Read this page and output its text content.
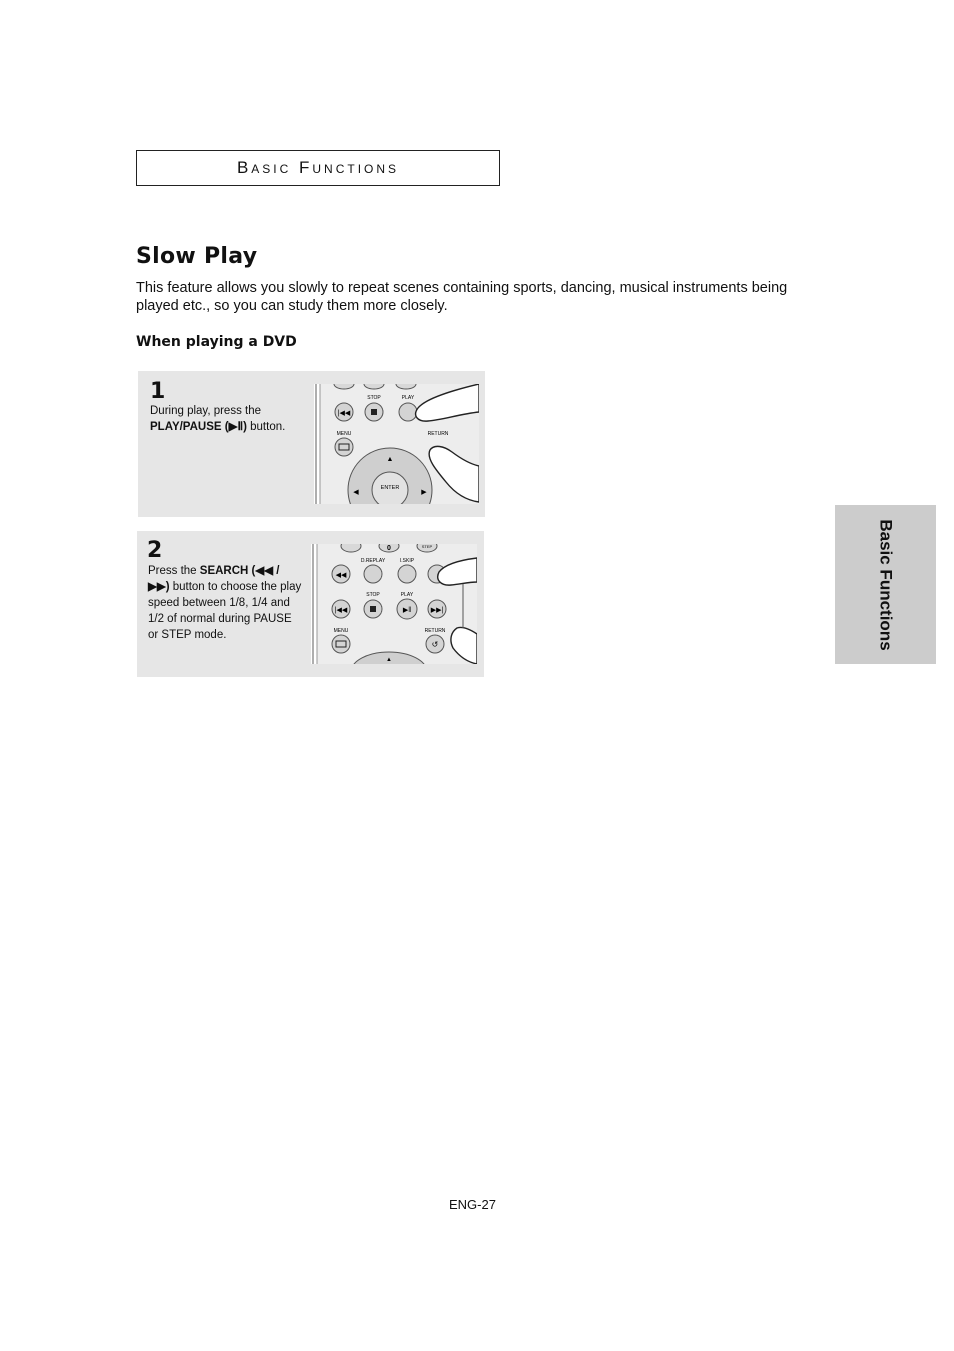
Basic Functions
Slow Play

This feature allows you slowly to repeat scenes containing sports, dancing, musical instruments being played etc., so you can study them more closely.

When playing a DVD
1
During play, press the
PLAY/PAUSE (▶Ⅱ) button.
|◀◀
STOP	PLAY
MENU	RETURN
ENTER
▲
◀	▶
2
Press the SEARCH (◀◀ / ▶▶) button to choose the play speed between 1/8, 1/4 and 1/2 of normal during PAUSE or STEP mode.
0	STEP
◀◀
D.REPLAY	I.SKIP
|◀◀
STOP
▶‖
PLAY
▶▶|
MENU
↺
RETURN
▲
Basic Functions
ENG-27
